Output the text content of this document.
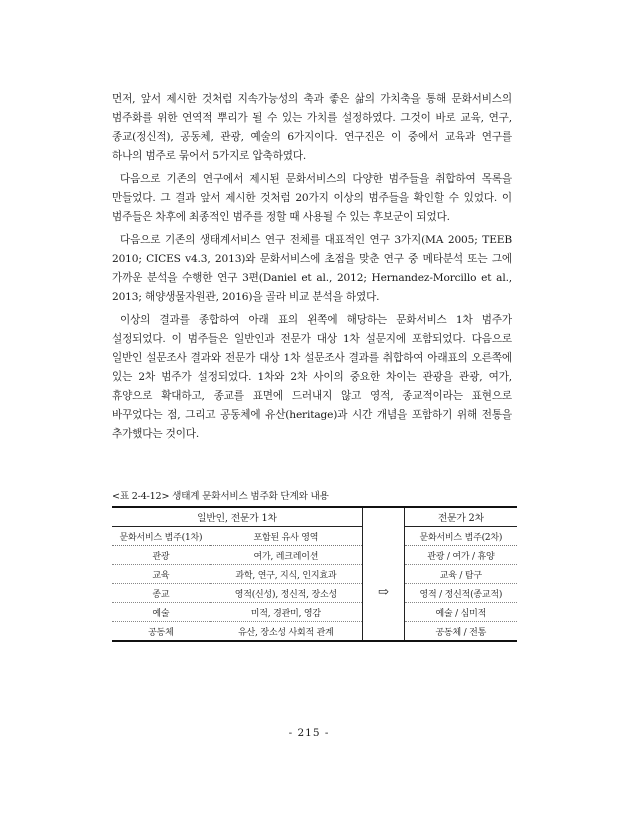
먼저, 앞서 제시한 것처럼 지속가능성의 축과 좋은 삶의 가치축을 통해 문화서비스의 범주화를 위한 연역적 뿌리가 될 수 있는 가치를 설정하였다. 그것이 바로 교육, 연구, 종교(정신적), 공동체, 관광, 예술의 6가지이다. 연구진은 이 중에서 교육과 연구를 하나의 범주로 묶어서 5가지로 압축하였다.

다음으로 기존의 연구에서 제시된 문화서비스의 다양한 범주들을 취합하여 목록을 만들었다. 그 결과 앞서 제시한 것처럼 20가지 이상의 범주들을 확인할 수 있었다. 이 범주들은 차후에 최종적인 범주를 정할 때 사용될 수 있는 후보군이 되었다.

다음으로 기존의 생태계서비스 연구 전체를 대표적인 연구 3가지(MA 2005; TEEB 2010; CICES v4.3, 2013)와 문화서비스에 초점을 맞춘 연구 중 메타분석 또는 그에 가까운 분석을 수행한 연구 3편(Daniel et al., 2012; Hernandez-Morcillo et al., 2013; 해양생물자원관, 2016)을 골라 비교 분석을 하였다.

이상의 결과를 종합하여 아래 표의 왼쪽에 해당하는 문화서비스 1차 범주가 설정되었다. 이 범주들은 일반인과 전문가 대상 1차 설문지에 포함되었다. 다음으로 일반인 설문조사 결과와 전문가 대상 1차 설문조사 결과를 취합하여 아래표의 오른쪽에 있는 2차 범주가 설정되었다. 1차와 2차 사이의 중요한 차이는 관광을 관광, 여가, 휴양으로 확대하고, 종교를 표면에 드러내지 않고 영적, 종교적이라는 표현으로 바꾸었다는 점, 그리고 공동체에 유산(heritage)과 시간 개념을 포함하기 위해 전통을 추가했다는 것이다.

<표 2-4-12> 생태계 문화서비스 범주화 단계와 내용
일반인, 전문가 1차			전문가 2차
문화서비스 범주(1차)	포함된 유사 영역		문화서비스 범주(2차)
관광	여가, 레크레이션	⇨	관광 / 여가 / 휴양
교육	과학, 연구, 지식, 인지효과		교육 / 탐구
종교	영적(신성), 정신적, 장소성		영적 / 정신적(종교적)
예술	미적, 경관미, 영감		예술 / 심미적
공동체	유산, 장소성 사회적 관계		공동체 / 전통
- 215 -
